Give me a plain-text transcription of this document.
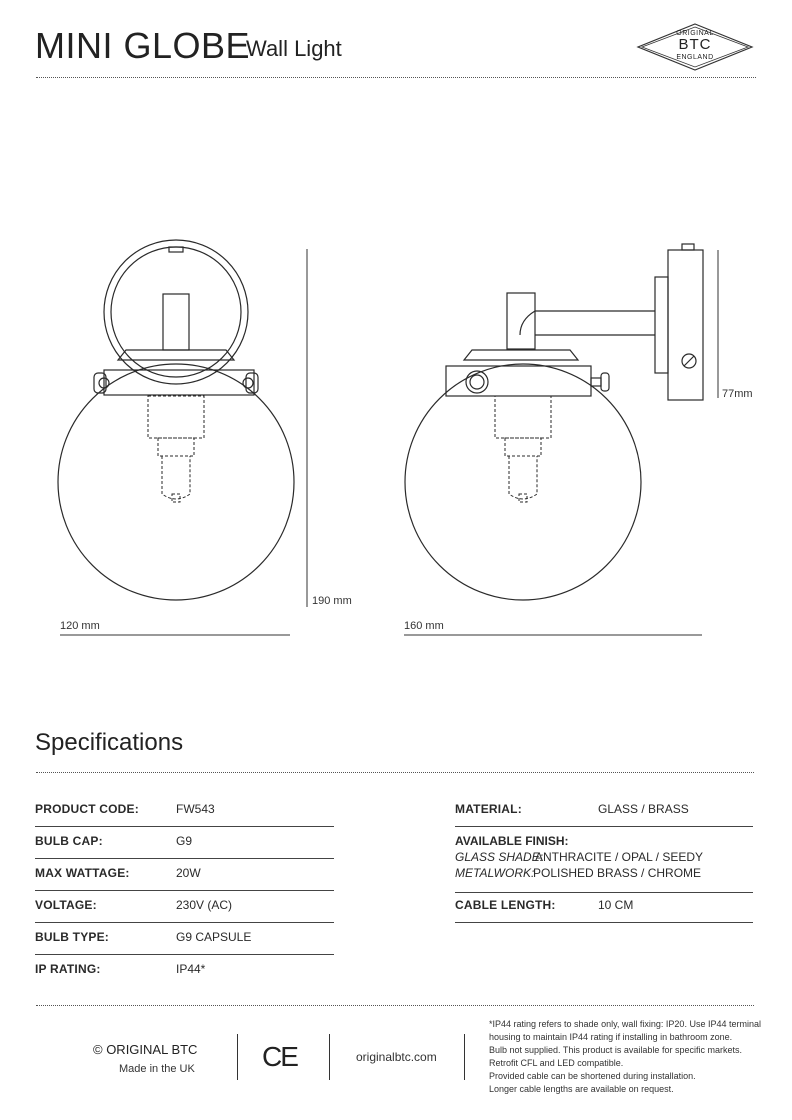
MINI GLOBE
Wall Light
ORIGINAL
BTC
ENGLAND
120 mm	160 mm
190 mm
77mm
Specifications
PRODUCT CODE:	FW543
BULB CAP:	G9
MAX WATTAGE:	20W
VOLTAGE:	230V (AC)
BULB TYPE:	G9 CAPSULE
IP RATING:	IP44*
MATERIAL:	GLASS / BRASS
AVAILABLE FINISH:
GLASS SHADE:
ANTHRACITE / OPAL / SEEDY
METALWORK:
POLISHED BRASS / CHROME
CABLE LENGTH:	10 CM
© ORIGINAL BTC
Made in the UK CE	originalbtc.com
*IP44 rating refers to shade only, wall fixing: IP20. Use IP44 terminal
housing to maintain IP44 rating if installing in bathroom zone.
Bulb not supplied. This product is available for specific markets.
Retrofit CFL and LED compatible.
Provided cable can be shortened during installation.
Longer cable lengths are available on request.
